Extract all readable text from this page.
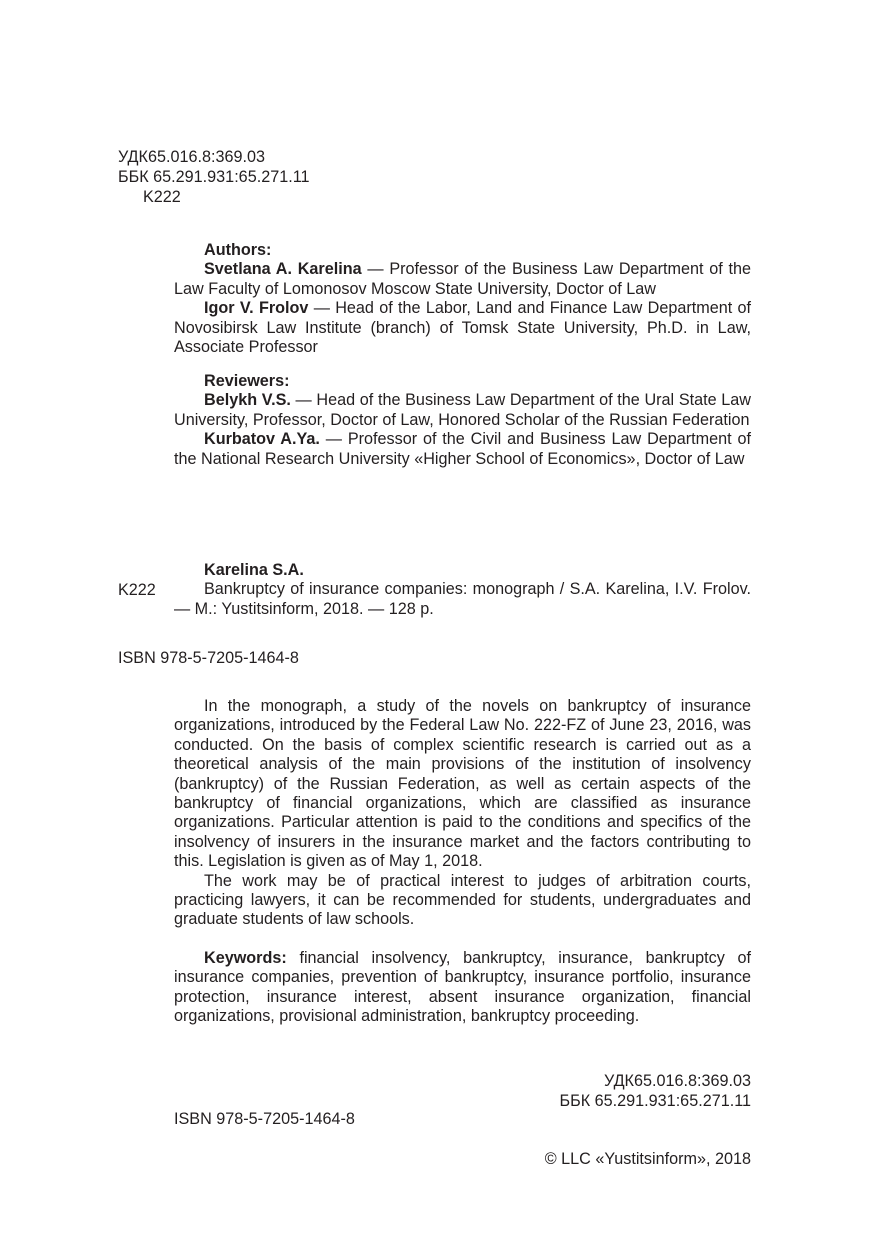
УДК65.016.8:369.03
ББК 65.291.931:65.271.11
K222

Authors:

Svetlana A. Karelina — Professor of the Business Law Department of the Law Faculty of Lomonosov Moscow State University, Doctor of Law

Igor V. Frolov — Head of the Labor, Land and Finance Law Department of Novosibirsk Law Institute (branch) of Tomsk State University, Ph.D. in Law, Associate Professor

Reviewers:

Belykh V.S. — Head of the Business Law Department of the Ural State Law University, Professor, Doctor of Law, Honored Scholar of the Russian Federation

Kurbatov A.Ya. — Professor of the Civil and Business Law Department of the National Research University «Higher School of Economics», Doctor of Law

Karelina S.A.

Bankruptcy of insurance companies: monograph / S.A. Karelina, I.V. Frolov. — M.: Yustitsinform, 2018. — 128 p.

K222
ISBN 978-5-7205-1464-8

In the monograph, a study of the novels on bankruptcy of insurance organizations, introduced by the Federal Law No. 222-FZ of June 23, 2016, was conducted. On the basis of complex scientific research is carried out as a theoretical analysis of the main provisions of the institution of insolvency (bankruptcy) of the Russian Federation, as well as certain aspects of the bankruptcy of financial organizations, which are classified as insurance organizations. Particular attention is paid to the conditions and specifics of the insolvency of insurers in the insurance market and the factors contributing to this. Legislation is given as of May 1, 2018.

The work may be of practical interest to judges of arbitration courts, practicing lawyers, it can be recommended for students, undergraduates and graduate students of law schools.

Keywords: financial insolvency, bankruptcy, insurance, bankruptcy of insurance companies, prevention of bankruptcy, insurance portfolio, insurance protection, insurance interest, absent insurance organization, financial organizations, provisional administration, bankruptcy proceeding.

УДК65.016.8:369.03
ББК 65.291.931:65.271.11
ISBN 978-5-7205-1464-8
© LLC «Yustitsinform», 2018
